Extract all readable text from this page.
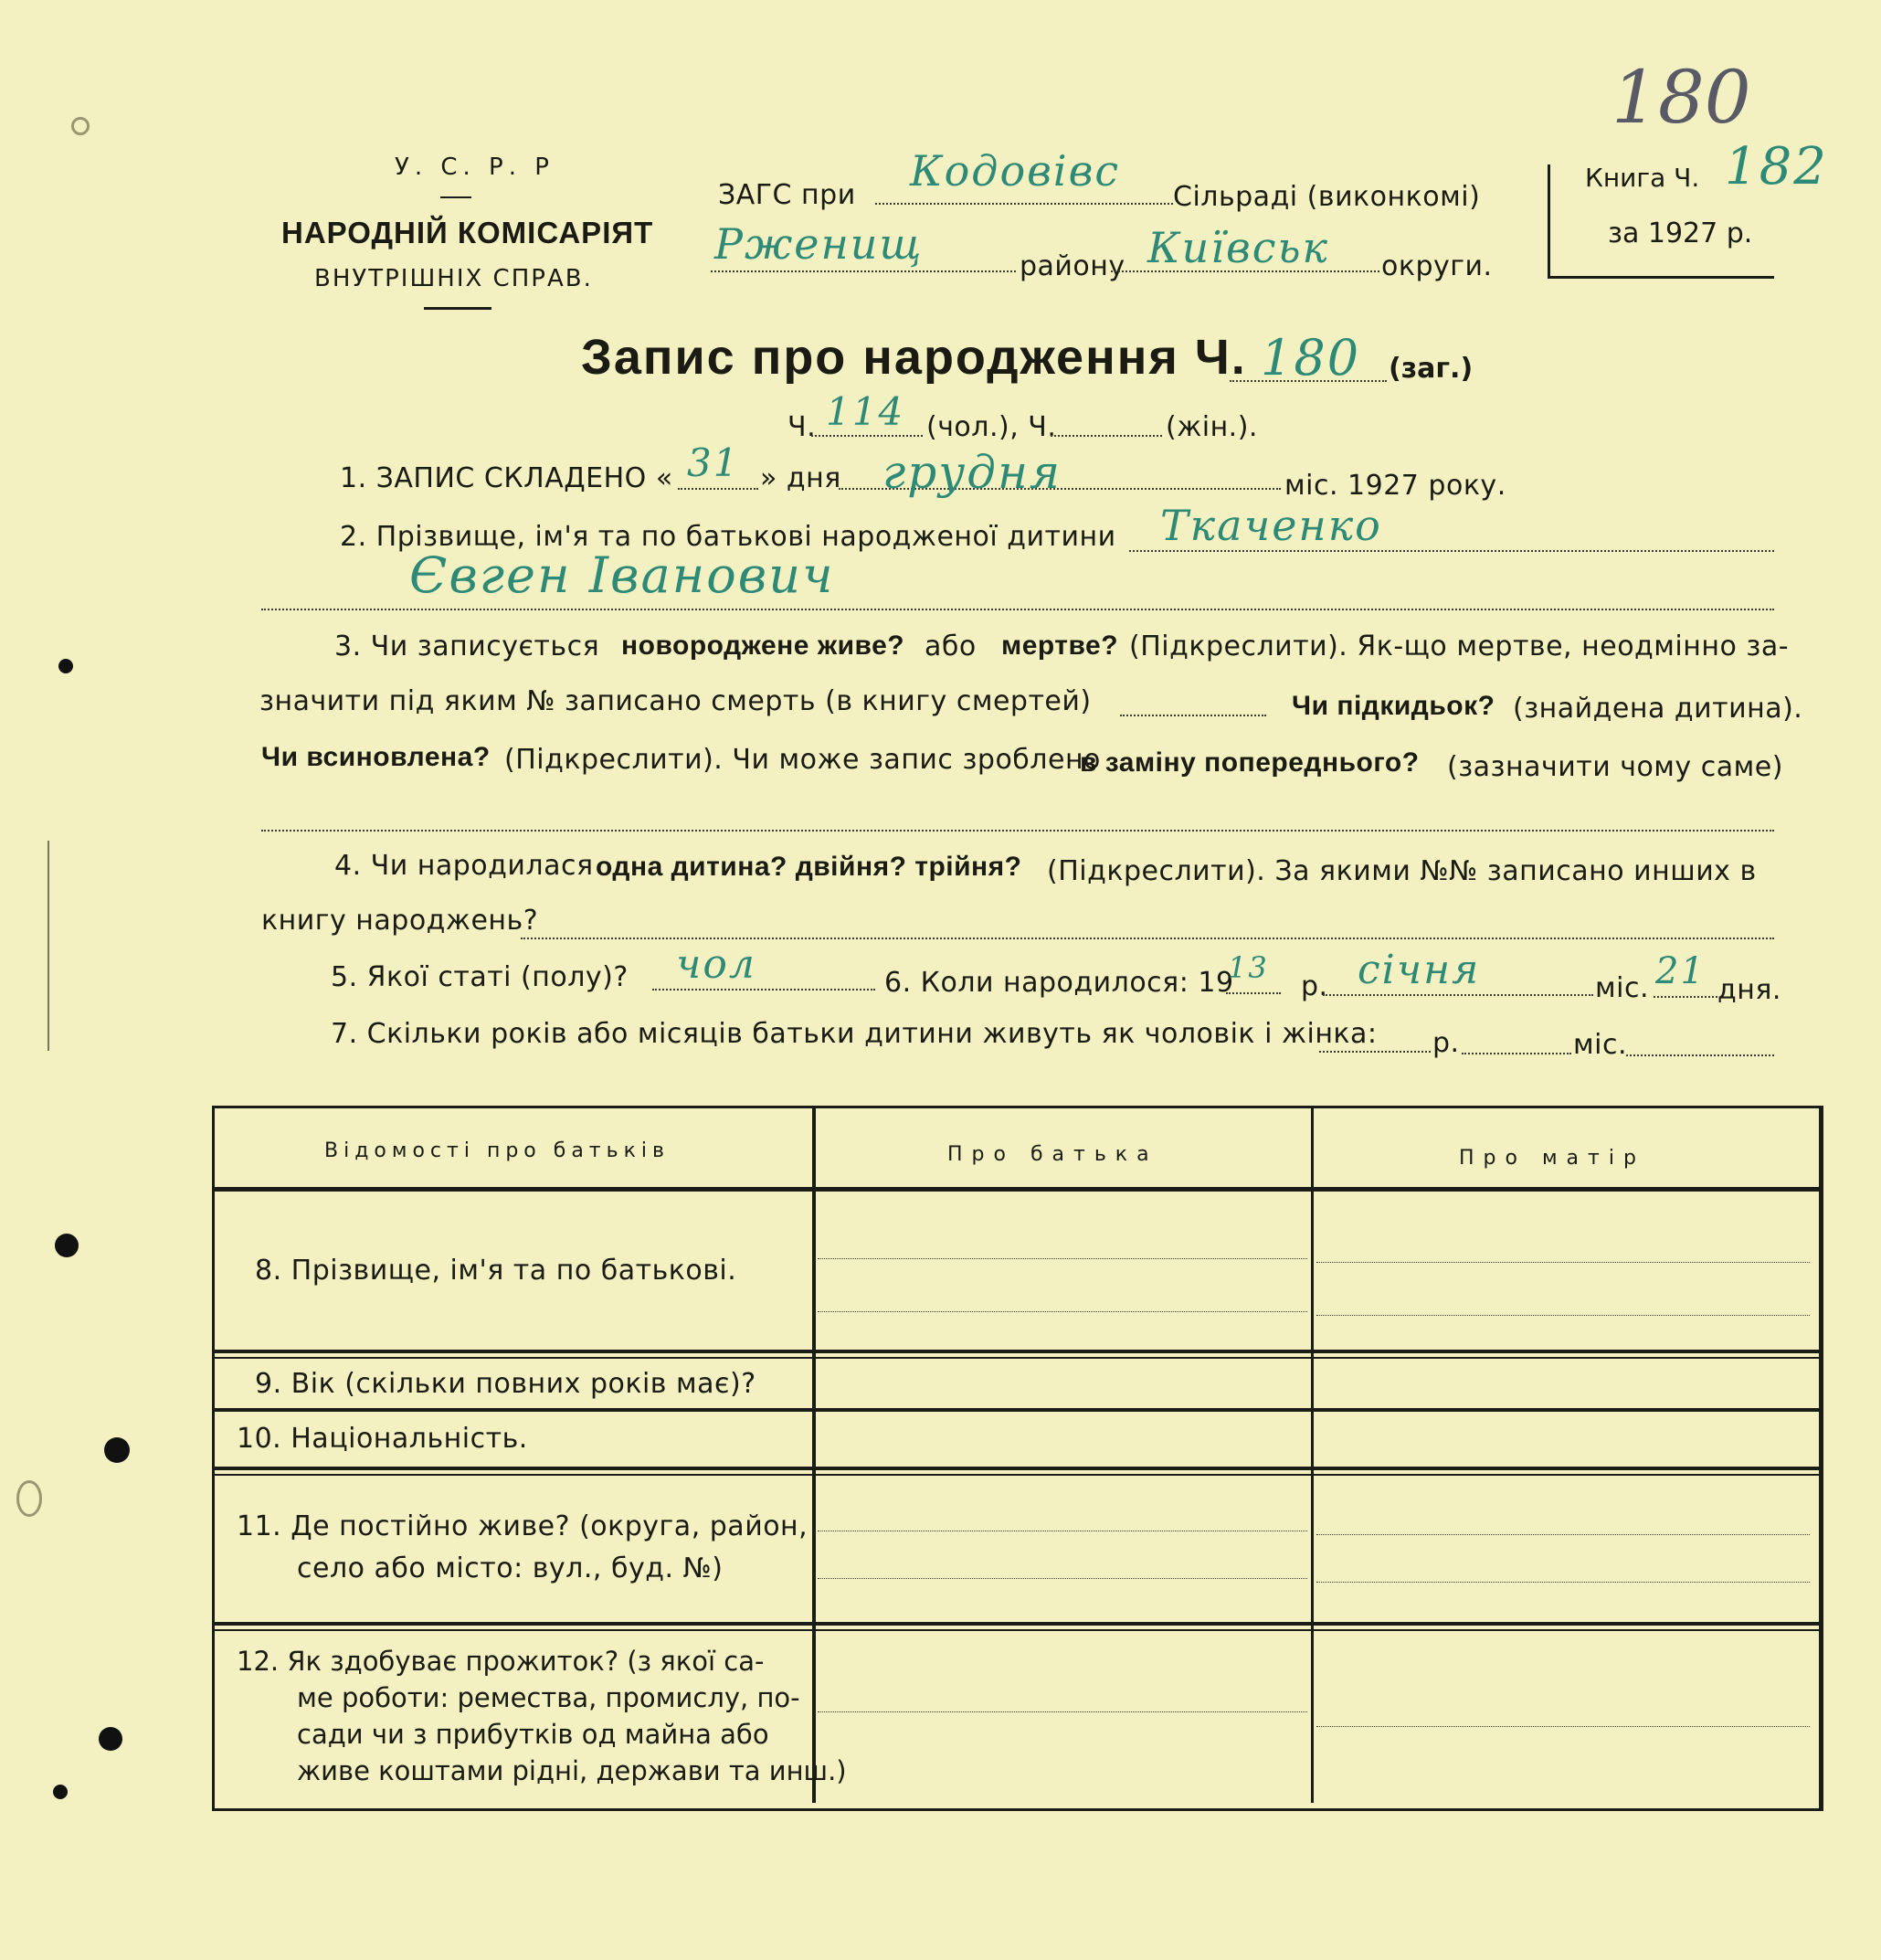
У. С. Р. Р
НАРОДНІЙ КОМІСАРІЯТ
ВНУТРІШНІХ СПРАВ.
ЗАГС при Кодовівс
Сільраді (виконкомі)
Рженищ	району Київськ округи.
Книга Ч. 182
за 1927 р.
180
Запис про народження Ч. 180 (заг.)
Ч. 114 (чол.), Ч.	(жін.).
1. ЗАПИС СКЛАДЕНО « 31 » дня грудня	міс. 1927 року.
2. Прізвище, ім'я та по батькові народженої дитини Ткаченко
Євген Іванович
3. Чи записується новороджене живе? або мертве? (Підкреслити). Як-що мертве, неодмінно за-
значити під яким № записано смерть (в книгу смертей)	Чи підкидьок? (знайдена дитина).
Чи всиновлена? (Підкреслити). Чи може запис зроблено
в заміну попереднього? (зазначити чому саме)
4. Чи народилася одна дитина? двійня? трійня? (Підкреслити). За якими №№ записано инших в
книгу народжень?
5. Якої статі (полу)? чол	6. Коли народилося: 19
13
р. січня	міс. 21 дня.
7. Скільки років або місяців батьки дитини живуть як чоловік і жінка: р.	міс.
Відомості про батьків	Про батька	Про матір
8. Прізвище, ім'я та по батькові.
9. Вік (скільки повних років має)?
10. Національність.
11. Де постійно живе? (округа, район,
село або місто: вул., буд. №)
12. Як здобуває прожиток? (з якої са-
ме роботи: ремества, промислу, по-
сади чи з прибутків од майна або
живе коштами рідні, держави та инш.)
